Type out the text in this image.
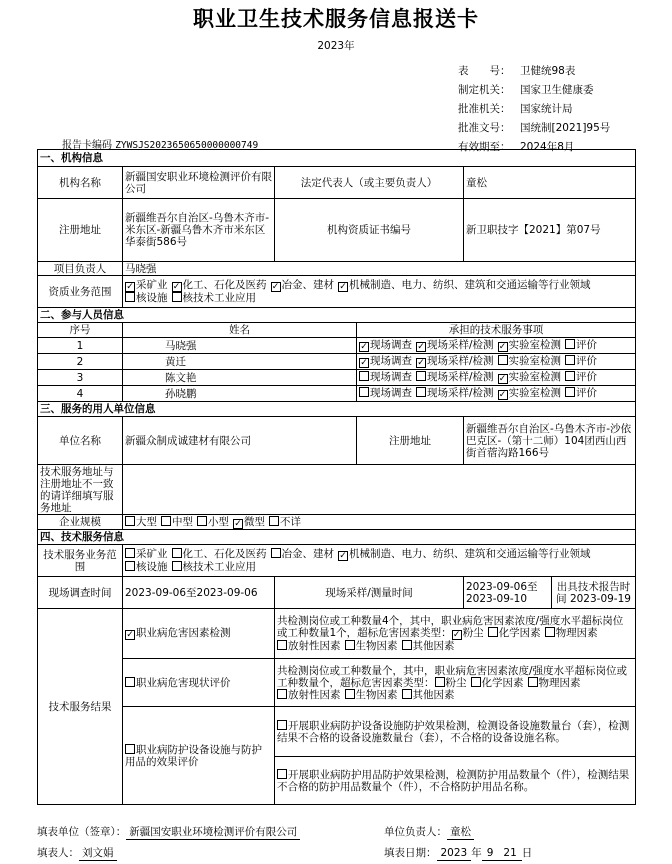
职业卫生技术服务信息报送卡
2023年
表　　号： 卫健统98表
制定机关： 国家卫生健康委
批准机关： 国家统计局
批准文号： 国统制[2021]95号
有效期至： 2024年8月
报告卡编码 ZYWSJS2023650650000000749
一、机构信息					
机构名称	新疆国安职业环境检测评价有限公司	法定代表人（或主要负责人）		童松	
注册地址	新疆维吾尔自治区-乌鲁木齐市-米东区-新疆乌鲁木齐市米东区华泰街586号	机构资质证书编号		新卫职技字【2021】第07号	
项目负责人	马晓强				
资质业务范围	✓ 采矿业 ✓ 化工、石化及医药 ✓ 冶金、建材 ✓ 机械制造、电力、纺织、建筑和交通运输等行业领域 核设施 核技术工业应用				
二、参与人员信息					
序号	姓名		承担的技术服务事项		
1	马晓强		✓ 现场调查 ✓ 现场采样/检测 ✓ 实验室检测 评价		
2	黄迁		✓ 现场调查 ✓ 现场采样/检测 实验室检测 评价		
3	陈文艳		现场调查 现场采样/检测 ✓ 实验室检测 评价		
4	孙晓鹏		现场调查 现场采样/检测 ✓ 实验室检测 评价		
三、服务的用人单位信息					
单位名称	新疆众制成诚建材有限公司		注册地址	新疆维吾尔自治区-乌鲁木齐市-沙依巴克区-（第十二师）104团西山西街首蓿沟路166号	
技术服务地址与注册地址不一致的请详细填写服务地址					
企业规模	大型 中型 小型 ✓ 微型 不详				
四、技术服务信息					
技术服务业务范围	采矿业 化工、石化及医药 冶金、建材 ✓ 机械制造、电力、纺织、建筑和交通运输等行业领域 核设施 核技术工业应用				
现场调查时间	2023-09-06至2023-09-06	现场采样/测量时间		2023-09-06至2023-09-10	出具技术报告时间 2023-09-19
技术服务结果	✓ 职业病危害因素检测	共检测岗位或工种数量4个，其中，职业病危害因素浓度/强度水平超标岗位或工种数量1个，超标危害因素类型：✓ 粉尘 化学因素 物理因素放射性因素 生物因素 其他因素			
	职业病危害现状评价	共检测岗位或工种数量个，其中，职业病危害因素浓度/强度水平超标岗位或工种数量个，超标危害因素类型： 粉尘 化学因素 物理因素放射性因素 生物因素 其他因素			
	职业病防护设备设施与防护用品的效果评价	开展职业病防护设备设施防护效果检测，检测设备设施数量台（套），检测结果不合格的设备设施数量台（套），不合格的设备设施名称。			
		开展职业病防护用品防护效果检测，检测防护用品数量个（件），检测结果不合格的防护用品数量个（件），不合格防护用品名称。			
填表单位（签章）： 新疆国安职业环境检测评价有限公司	单位负责人： 童松
填表人： 刘文娟	填表日期： 2023 年 9 21 日
